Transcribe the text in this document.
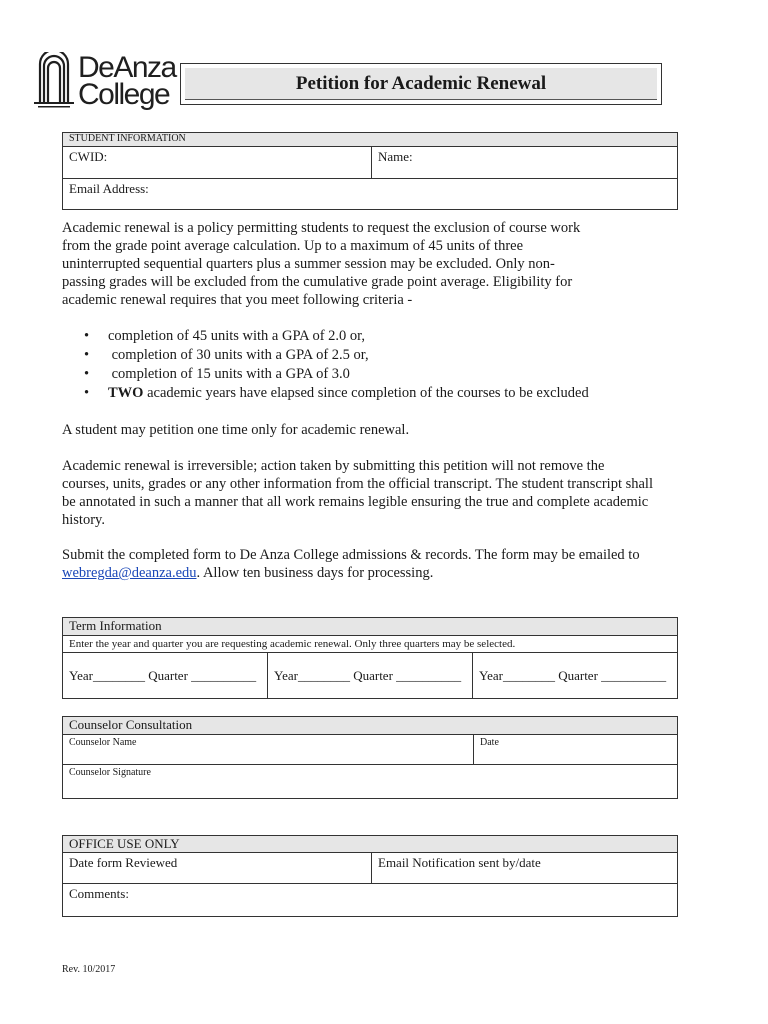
DeAnza
College	Petition for Academic Renewal
STUDENT INFORMATION
CWID:	Name:
Email Address:
Academic renewal is a policy permitting students to request the exclusion of course work
from the grade point average calculation. Up to a maximum of 45 units of three
uninterrupted sequential quarters plus a summer session may be excluded. Only non-
passing grades will be excluded from the cumulative grade point average. Eligibility for
academic renewal requires that you meet following criteria -
•	completion of 45 units with a GPA of 2.0 or,
•	completion of 30 units with a GPA of 2.5 or,
•	completion of 15 units with a GPA of 3.0
•	TWO academic years have elapsed since completion of the courses to be excluded
A student may petition one time only for academic renewal.
Academic renewal is irreversible; action taken by submitting this petition will not remove the
courses, units, grades or any other information from the official transcript. The student transcript shall
be annotated in such a manner that all work remains legible ensuring the true and complete academic
history.
Submit the completed form to De Anza College admissions & records. The form may be emailed to
webregda@deanza.edu. Allow ten business days for processing.
Term Information
Enter the year and quarter you are requesting academic renewal. Only three quarters may be selected.
Year________ Quarter __________	Year________ Quarter __________	Year________ Quarter __________
Counselor Consultation
Counselor Name	Date
Counselor Signature
OFFICE USE ONLY
Date form Reviewed	Email Notification sent by/date
Comments:
Rev. 10/2017
